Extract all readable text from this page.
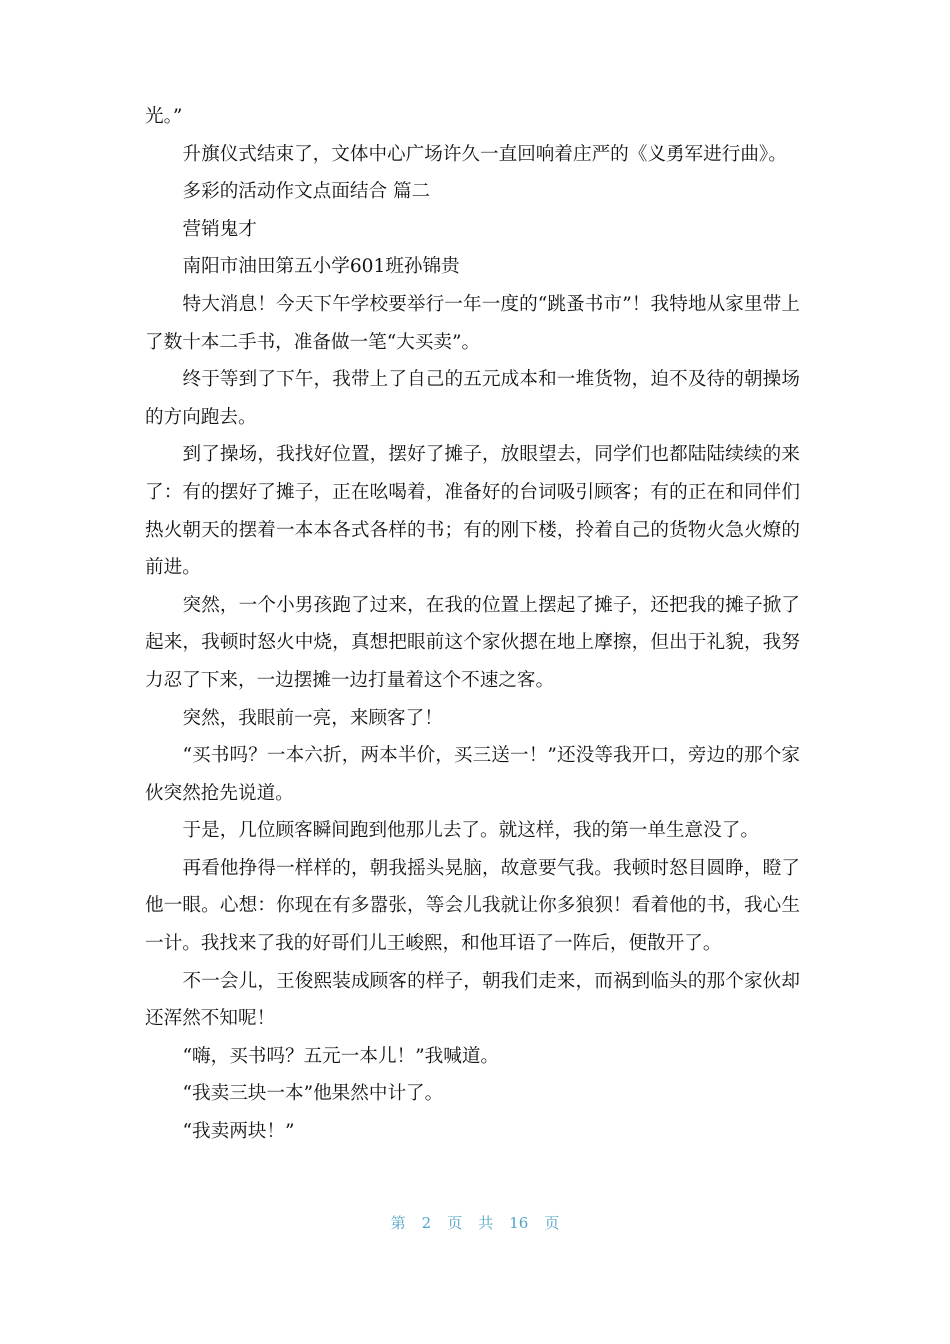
光。”

升旗仪式结束了，文体中心广场许久一直回响着庄严的《义勇军进行曲》。

多彩的活动作文点面结合 篇二

营销鬼才

南阳市油田第五小学601班孙锦贵

特大消息！今天下午学校要举行一年一度的“跳蚤书市”！我特地从家里带上了数十本二手书，准备做一笔“大买卖”。

终于等到了下午，我带上了自己的五元成本和一堆货物，迫不及待的朝操场的方向跑去。

到了操场，我找好位置，摆好了摊子，放眼望去，同学们也都陆陆续续的来了：有的摆好了摊子，正在吆喝着，准备好的台词吸引顾客；有的正在和同伴们热火朝天的摆着一本本各式各样的书；有的刚下楼，拎着自己的货物火急火燎的前进。

突然，一个小男孩跑了过来，在我的位置上摆起了摊子，还把我的摊子掀了起来，我顿时怒火中烧，真想把眼前这个家伙摁在地上摩擦，但出于礼貌，我努力忍了下来，一边摆摊一边打量着这个不速之客。

突然，我眼前一亮，来顾客了！

“买书吗？一本六折，两本半价，买三送一！”还没等我开口，旁边的那个家伙突然抢先说道。

于是，几位顾客瞬间跑到他那儿去了。就这样，我的第一单生意没了。

再看他挣得一样样的，朝我摇头晃脑，故意要气我。我顿时怒目圆睁，瞪了他一眼。心想：你现在有多嚣张，等会儿我就让你多狼狈！看着他的书，我心生一计。我找来了我的好哥们儿王峻熙，和他耳语了一阵后，便散开了。

不一会儿，王俊熙装成顾客的样子，朝我们走来，而祸到临头的那个家伙却还浑然不知呢！

“嗨，买书吗？五元一本儿！”我喊道。

“我卖三块一本”他果然中计了。

“我卖两块！”

第 2 页 共 16 页
